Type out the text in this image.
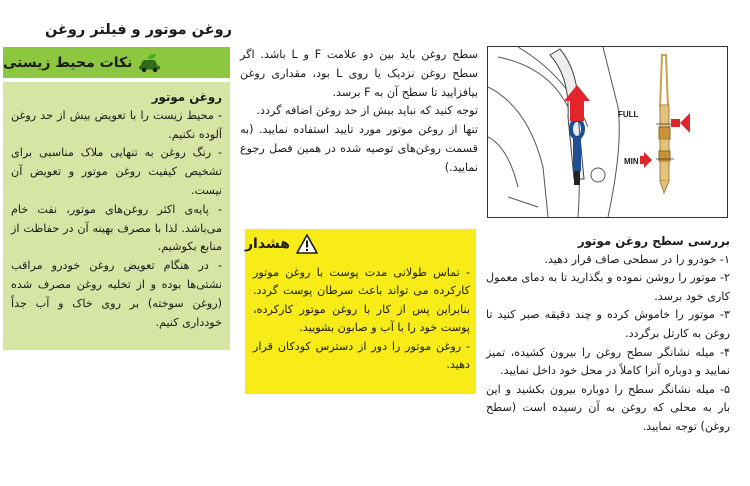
روغن موتور و فیلتر روغن
نکات محیط زیستی

روغن موتور

- محیط زیست را با تعویض بیش از حد روغن آلوده نکنیم.

- رنگ روغن به تنهایی ملاک مناسبی برای تشخیص کیفیت روغن موتور و تعویض آن نیست.

- پایه‌ی اکثر روغن‌های موتور، نفت خام می‌باشد. لذا با مصرف بهینه آن در حفاظت از منابع بکوشیم.

- در هنگام تعویض روغن خودرو مراقب نشتی‌ها بوده و از تخلیه روغن مصرف شده (روغن سوخته) بر روی خاک و آب جداً خودداری کنیم.

سطح روغن باید بین دو علامت F و L باشد. اگر سطح روغن نزدیک یا روی L بود، مقداری روغن بیافزایید تا سطح آن به F برسد.

توجه کنید که نباید بیش از حد روغن اضافه گردد.

تنها از روغن موتور مورد تایید استفاده نمایید. (به قسمت روغن‌های توصیه شده در همین فصل رجوع نمایید.)

هشدار

- تماس طولانی مدت پوست با روغن موتور کارکرده می تواند باعث سرطان پوست گردد. بنابراین پس از کار با روغن موتور کارکرده، پوست خود را با آب و صابون بشویید.

- روغن موتور را دور از دسترس کودکان قرار دهید.

FULL
MIN

بررسی سطح روغن موتور

۱- خودرو را در سطحی صاف قرار دهید.

۲- موتور را روشن نموده و بگذارید تا به دمای معمول کاری خود برسد.

۳- موتور را خاموش کرده و چند دقیقه صبر کنید تا روغن به کارتل برگردد.

۴- میله نشانگر سطح روغن را بیرون کشیده، تمیز نمایید و دوباره آنرا کاملاً در محل خود داخل نمایید.

۵- میله نشانگر سطح را دوباره بیرون بکشید و این بار به محلی که روغن به آن رسیده است (سطح روغن) توجه نمایید.
